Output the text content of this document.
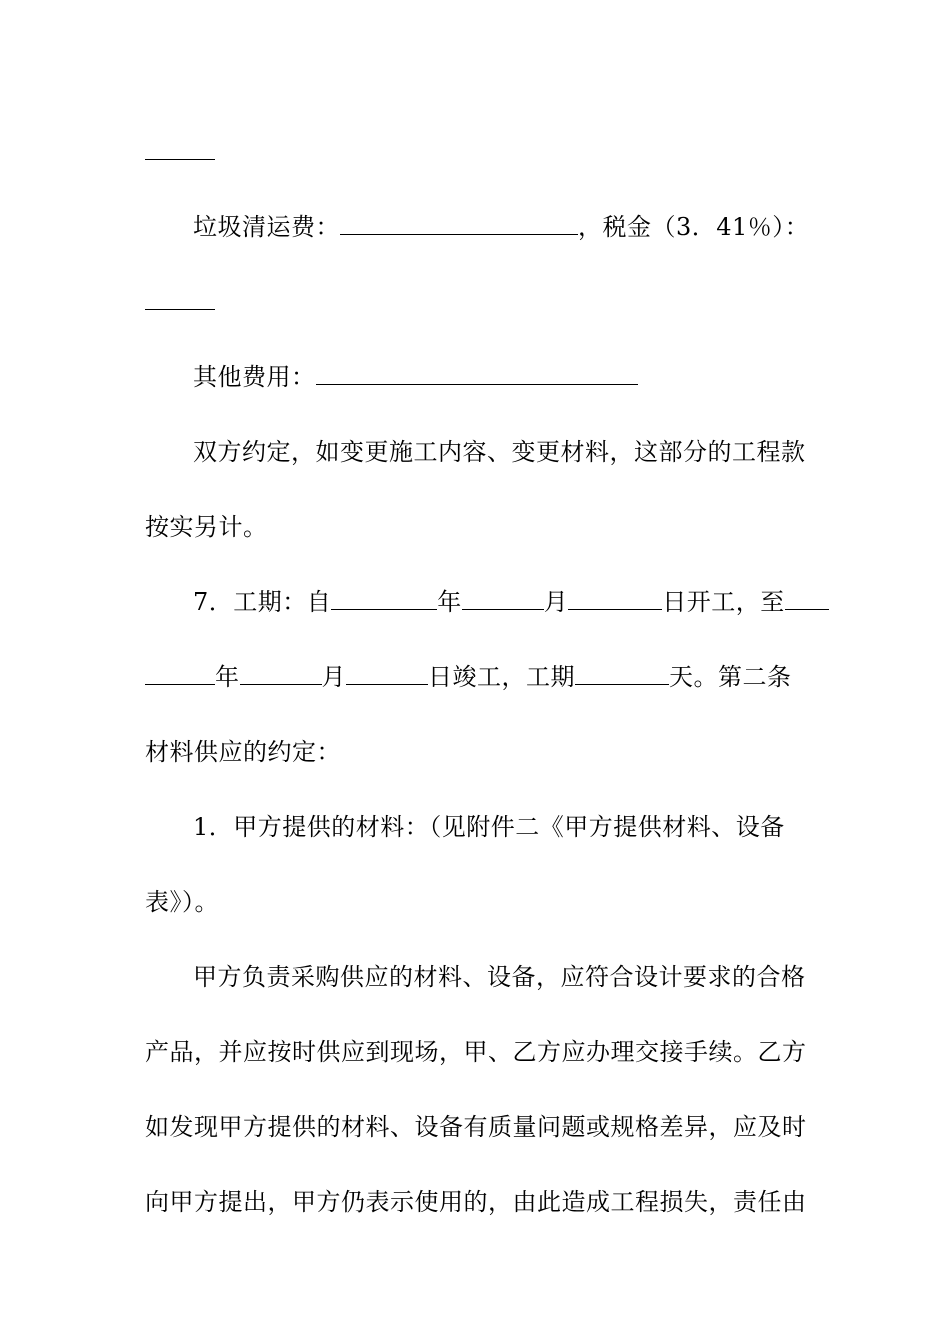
垃圾清运费：	，税金（3．41％）：
其他费用：
双方约定，如变更施工内容、变更材料，这部分的工程款
按实另计。
7．工期：自	年	月	日开工，至
年	月	日竣工，工期	天。第二条
材料供应的约定：
1．甲方提供的材料：（见附件二《甲方提供材料、设备
表》）。
甲方负责采购供应的材料、设备，应符合设计要求的合格
产品，并应按时供应到现场，甲、乙方应办理交接手续。乙方
如发现甲方提供的材料、设备有质量问题或规格差异，应及时
向甲方提出，甲方仍表示使用的，由此造成工程损失，责任由
